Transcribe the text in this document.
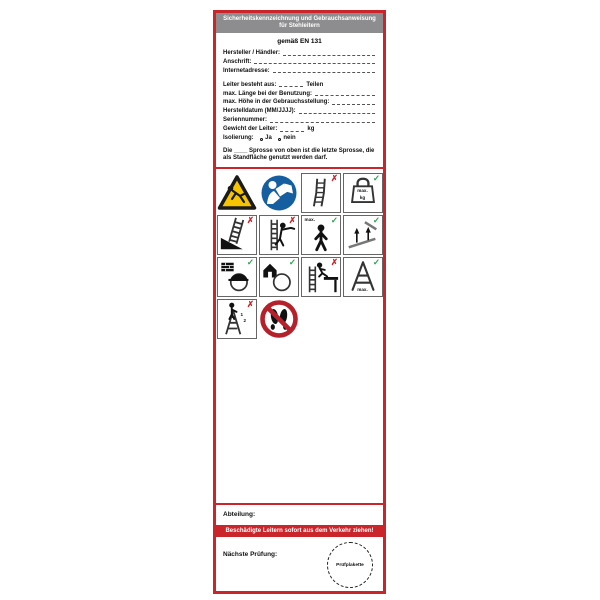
Sicherheitskennzeichnung und Gebrauchsanweisung
für Stehleitern
gemäß EN 131
Hersteller / Händler:
Anschrift:
Internetadresse:
Leiter besteht aus:	Teilen
max. Länge bei der Benutzung:
max. Höhe in der Gebrauchsstellung:
Herstelldatum (MM/JJJJ):
Seriennummer:
Gewicht der Leiter:	kg
Isolierung: Ja nein

Die ____ Sprosse von oben ist die letzte Sprosse, die als Standfläche genutzt werden darf.

✗
max.
kg
✓
✗	✗ max. ✓	✓
✓	✓	✗
max.
✓
1
2
✗
Abteilung:
Beschädigte Leitern sofort aus dem Verkehr ziehen!
Nächste Prüfung:
Prüfplakette
